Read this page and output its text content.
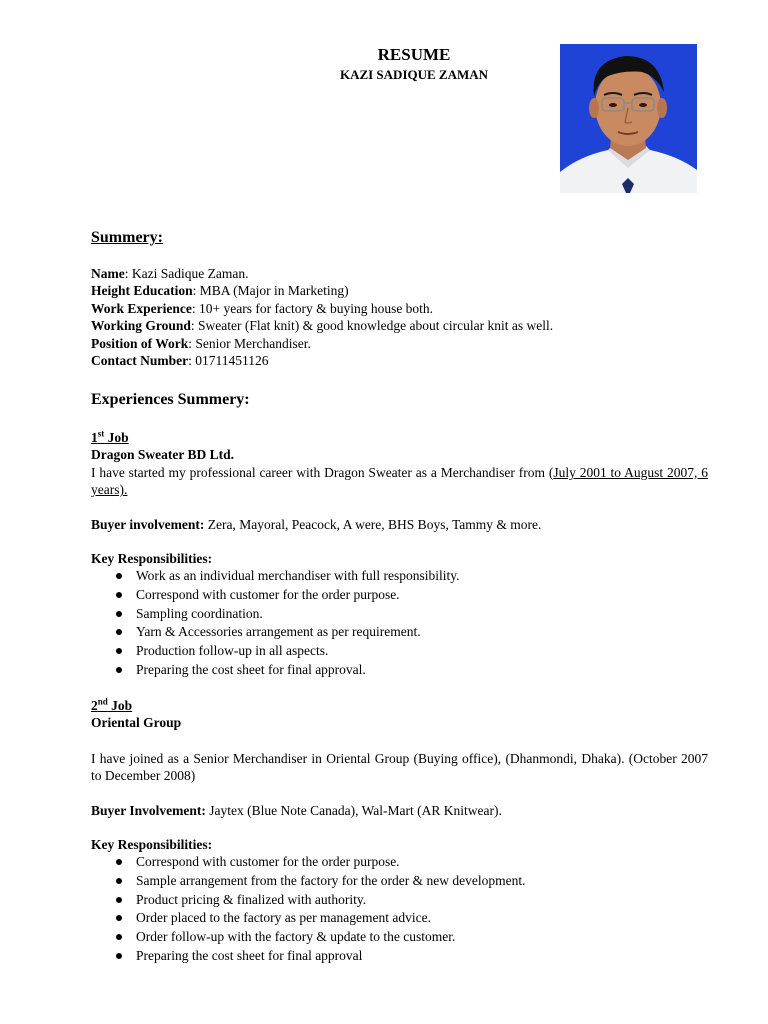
RESUME
KAZI SADIQUE ZAMAN
Summery:
Name: Kazi Sadique Zaman.
Height Education: MBA (Major in Marketing)
Work Experience: 10+ years for factory & buying house both.
Working Ground: Sweater (Flat knit) & good knowledge about circular knit as well.
Position of Work: Senior Merchandiser.
Contact Number: 01711451126
Experiences Summery:
1st Job
Dragon Sweater BD Ltd.
I have started my professional career with Dragon Sweater as a Merchandiser from (July 2001 to August 2007, 6 years).
Buyer involvement: Zera, Mayoral, Peacock, A were, BHS Boys, Tammy & more.
Key Responsibilities:
Work as an individual merchandiser with full responsibility.
Correspond with customer for the order purpose.
Sampling coordination.
Yarn & Accessories arrangement as per requirement.
Production follow-up in all aspects.
Preparing the cost sheet for final approval.
2nd Job
Oriental Group
I have joined as a Senior Merchandiser in Oriental Group (Buying office), (Dhanmondi, Dhaka). (October 2007 to December 2008)
Buyer Involvement: Jaytex (Blue Note Canada), Wal-Mart (AR Knitwear).
Key Responsibilities:
Correspond with customer for the order purpose.
Sample arrangement from the factory for the order & new development.
Product pricing & finalized with authority.
Order placed to the factory as per management advice.
Order follow-up with the factory & update to the customer.
Preparing the cost sheet for final approval
